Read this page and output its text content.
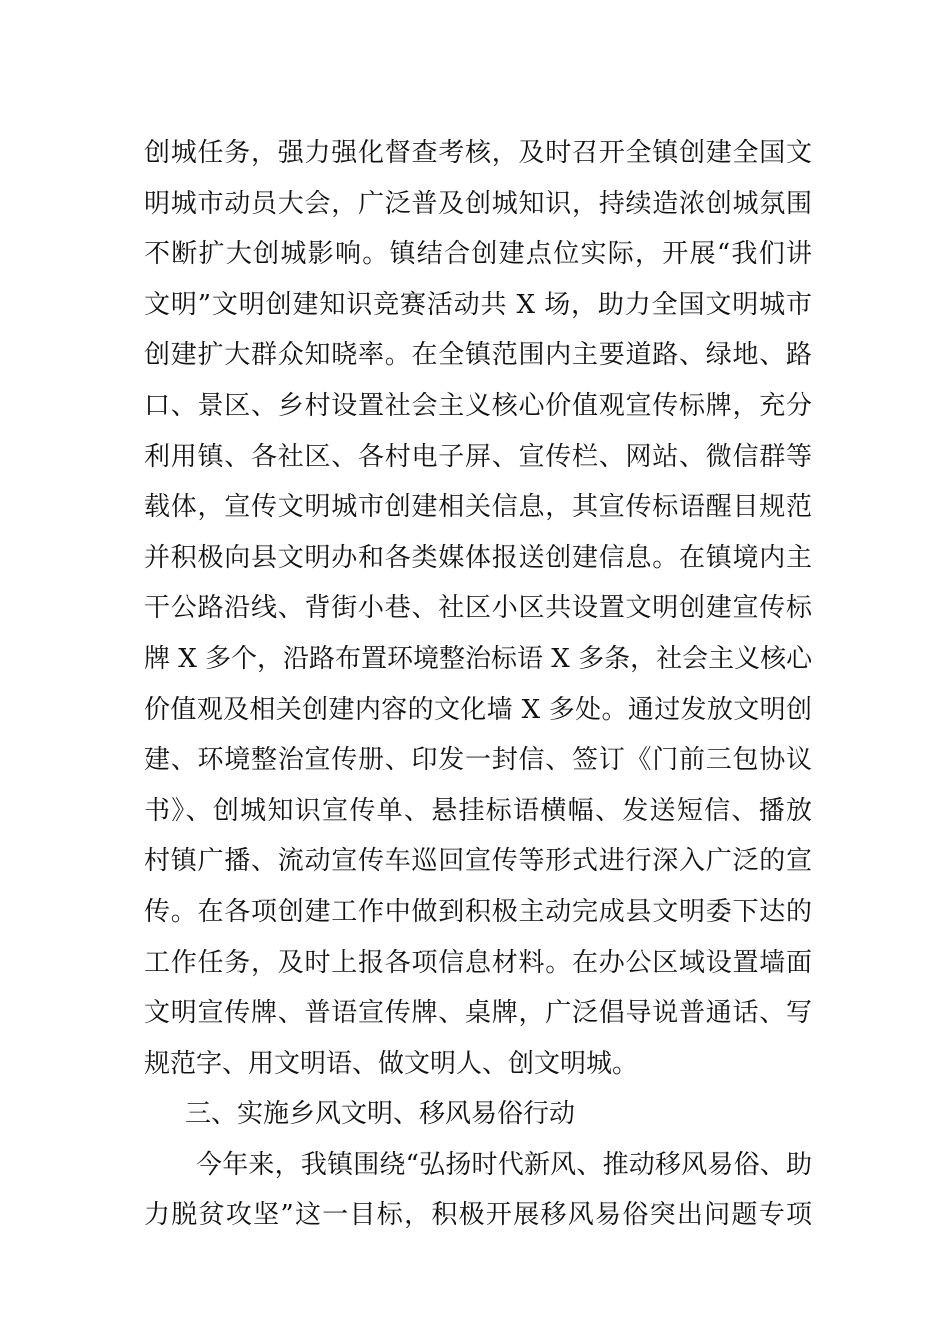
创城任务，强力强化督查考核，及时召开全镇创建全国文
明城市动员大会，广泛普及创城知识，持续造浓创城氛围
不断扩大创城影响。镇结合创建点位实际，开展“我们讲
文明”文明创建知识竞赛活动共 X 场，助力全国文明城市
创建扩大群众知晓率。在全镇范围内主要道路、绿地、路
口、景区、乡村设置社会主义核心价值观宣传标牌，充分
利用镇、各社区、各村电子屏、宣传栏、网站、微信群等
载体，宣传文明城市创建相关信息，其宣传标语醒目规范
并积极向县文明办和各类媒体报送创建信息。在镇境内主
干公路沿线、背街小巷、社区小区共设置文明创建宣传标
牌 X 多个，沿路布置环境整治标语 X 多条，社会主义核心
价值观及相关创建内容的文化墙 X 多处。通过发放文明创
建、环境整治宣传册、印发一封信、签订《门前三包协议
书》、创城知识宣传单、悬挂标语横幅、发送短信、播放
村镇广播、流动宣传车巡回宣传等形式进行深入广泛的宣
传。在各项创建工作中做到积极主动完成县文明委下达的
工作任务，及时上报各项信息材料。在办公区域设置墙面
文明宣传牌、普语宣传牌、桌牌，广泛倡导说普通话、写
规范字、用文明语、做文明人、创文明城。
三、实施乡风文明、移风易俗行动
今年来，我镇围绕“弘扬时代新风、推动移风易俗、助
力脱贫攻坚”这一目标，积极开展移风易俗突出问题专项
